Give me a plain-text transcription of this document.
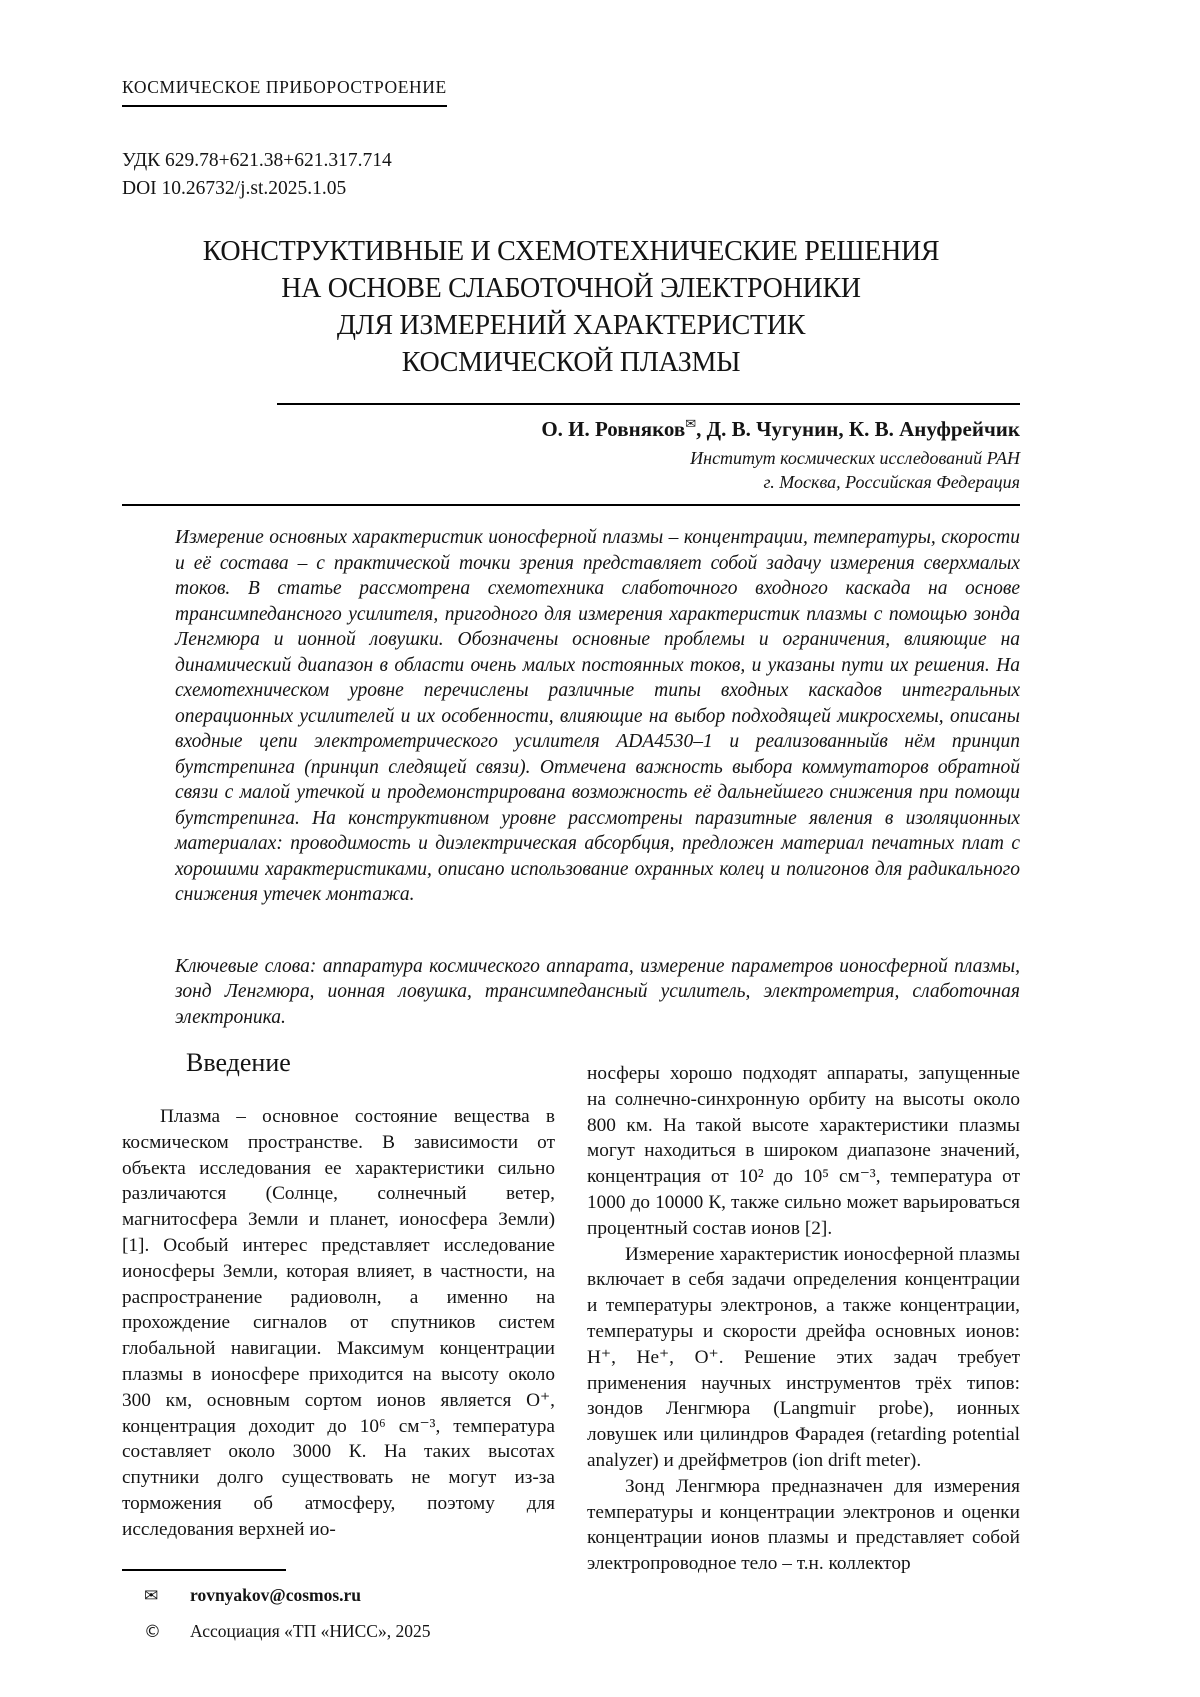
КОСМИЧЕСКОЕ ПРИБОРОСТРОЕНИЕ
УДК 629.78+621.38+621.317.714
DOI 10.26732/j.st.2025.1.05
КОНСТРУКТИВНЫЕ И СХЕМОТЕХНИЧЕСКИЕ РЕШЕНИЯ
НА ОСНОВЕ СЛАБОТОЧНОЙ ЭЛЕКТРОНИКИ
ДЛЯ ИЗМЕРЕНИЙ ХАРАКТЕРИСТИК
КОСМИЧЕСКОЙ ПЛАЗМЫ
О. И. Ровняков✉, Д. В. Чугунин, К. В. Ануфрейчик
Институт космических исследований РАН
г. Москва, Российская Федерация
Измерение основных характеристик ионосферной плазмы – концентрации, температуры, скорости и её состава – с практической точки зрения представляет собой задачу измерения сверхмалых токов. В статье рассмотрена схемотехника слаботочного входного каскада на основе трансимпедансного усилителя, пригодного для измерения характеристик плазмы с помощью зонда Ленгмюра и ионной ловушки. Обозначены основные проблемы и ограничения, влияющие на динамический диапазон в области очень малых постоянных токов, и указаны пути их решения. На схемотехническом уровне перечислены различные типы входных каскадов интегральных операционных усилителей и их особенности, влияющие на выбор подходящей микросхемы, описаны входные цепи электрометрического усилителя ADA4530–1 и реализованныйв нём принцип бутстрепинга (принцип следящей связи). Отмечена важность выбора коммутаторов обратной связи с малой утечкой и продемонстрирована возможность её дальнейшего снижения при помощи бутстрепинга. На конструктивном уровне рассмотрены паразитные явления в изоляционных материалах: проводимость и диэлектрическая абсорбция, предложен материал печатных плат с хорошими характеристиками, описано использование охранных колец и полигонов для радикального снижения утечек монтажа.
Ключевые слова: аппаратура космического аппарата, измерение параметров ионосферной плазмы, зонд Ленгмюра, ионная ловушка, трансимпедансный усилитель, электрометрия, слаботочная электроника.
Введение

Плазма – основное состояние вещества в космическом пространстве. В зависимости от объекта исследования ее характеристики сильно различаются (Солнце, солнечный ветер, магнитосфера Земли и планет, ионосфера Земли) [1]. Особый интерес представляет исследование ионосферы Земли, которая влияет, в частности, на распространение радиоволн, а именно на прохождение сигналов от спутников систем глобальной навигации. Максимум концентрации плазмы в ионосфере приходится на высоту около 300 км, основным сортом ионов является O⁺, концентрация доходит до 10⁶ см⁻³, температура составляет около 3000 К. На таких высотах спутники долго существовать не могут из-за торможения об атмосферу, поэтому для исследования верхней ио-

✉	rovnyakov@cosmos.ru
©	Ассоциация «ТП «НИСС», 2025

носферы хорошо подходят аппараты, запущенные на солнечно-синхронную орбиту на высоты около 800 км. На такой высоте характеристики плазмы могут находиться в широком диапазоне значений, концентрация от 10² до 10⁵ см⁻³, температура от 1000 до 10000 К, также сильно может варьироваться процентный состав ионов [2].

Измерение характеристик ионосферной плазмы включает в себя задачи определения концентрации и температуры электронов, а также концентрации, температуры и скорости дрейфа основных ионов: H⁺, He⁺, O⁺. Решение этих задач требует применения научных инструментов трёх типов: зондов Ленгмюра (Langmuir probe), ионных ловушек или цилиндров Фарадея (retarding potential analyzer) и дрейфметров (ion drift meter).

Зонд Ленгмюра предназначен для измерения температуры и концентрации электронов и оценки концентрации ионов плазмы и представляет собой электропроводное тело – т.н. коллектор
